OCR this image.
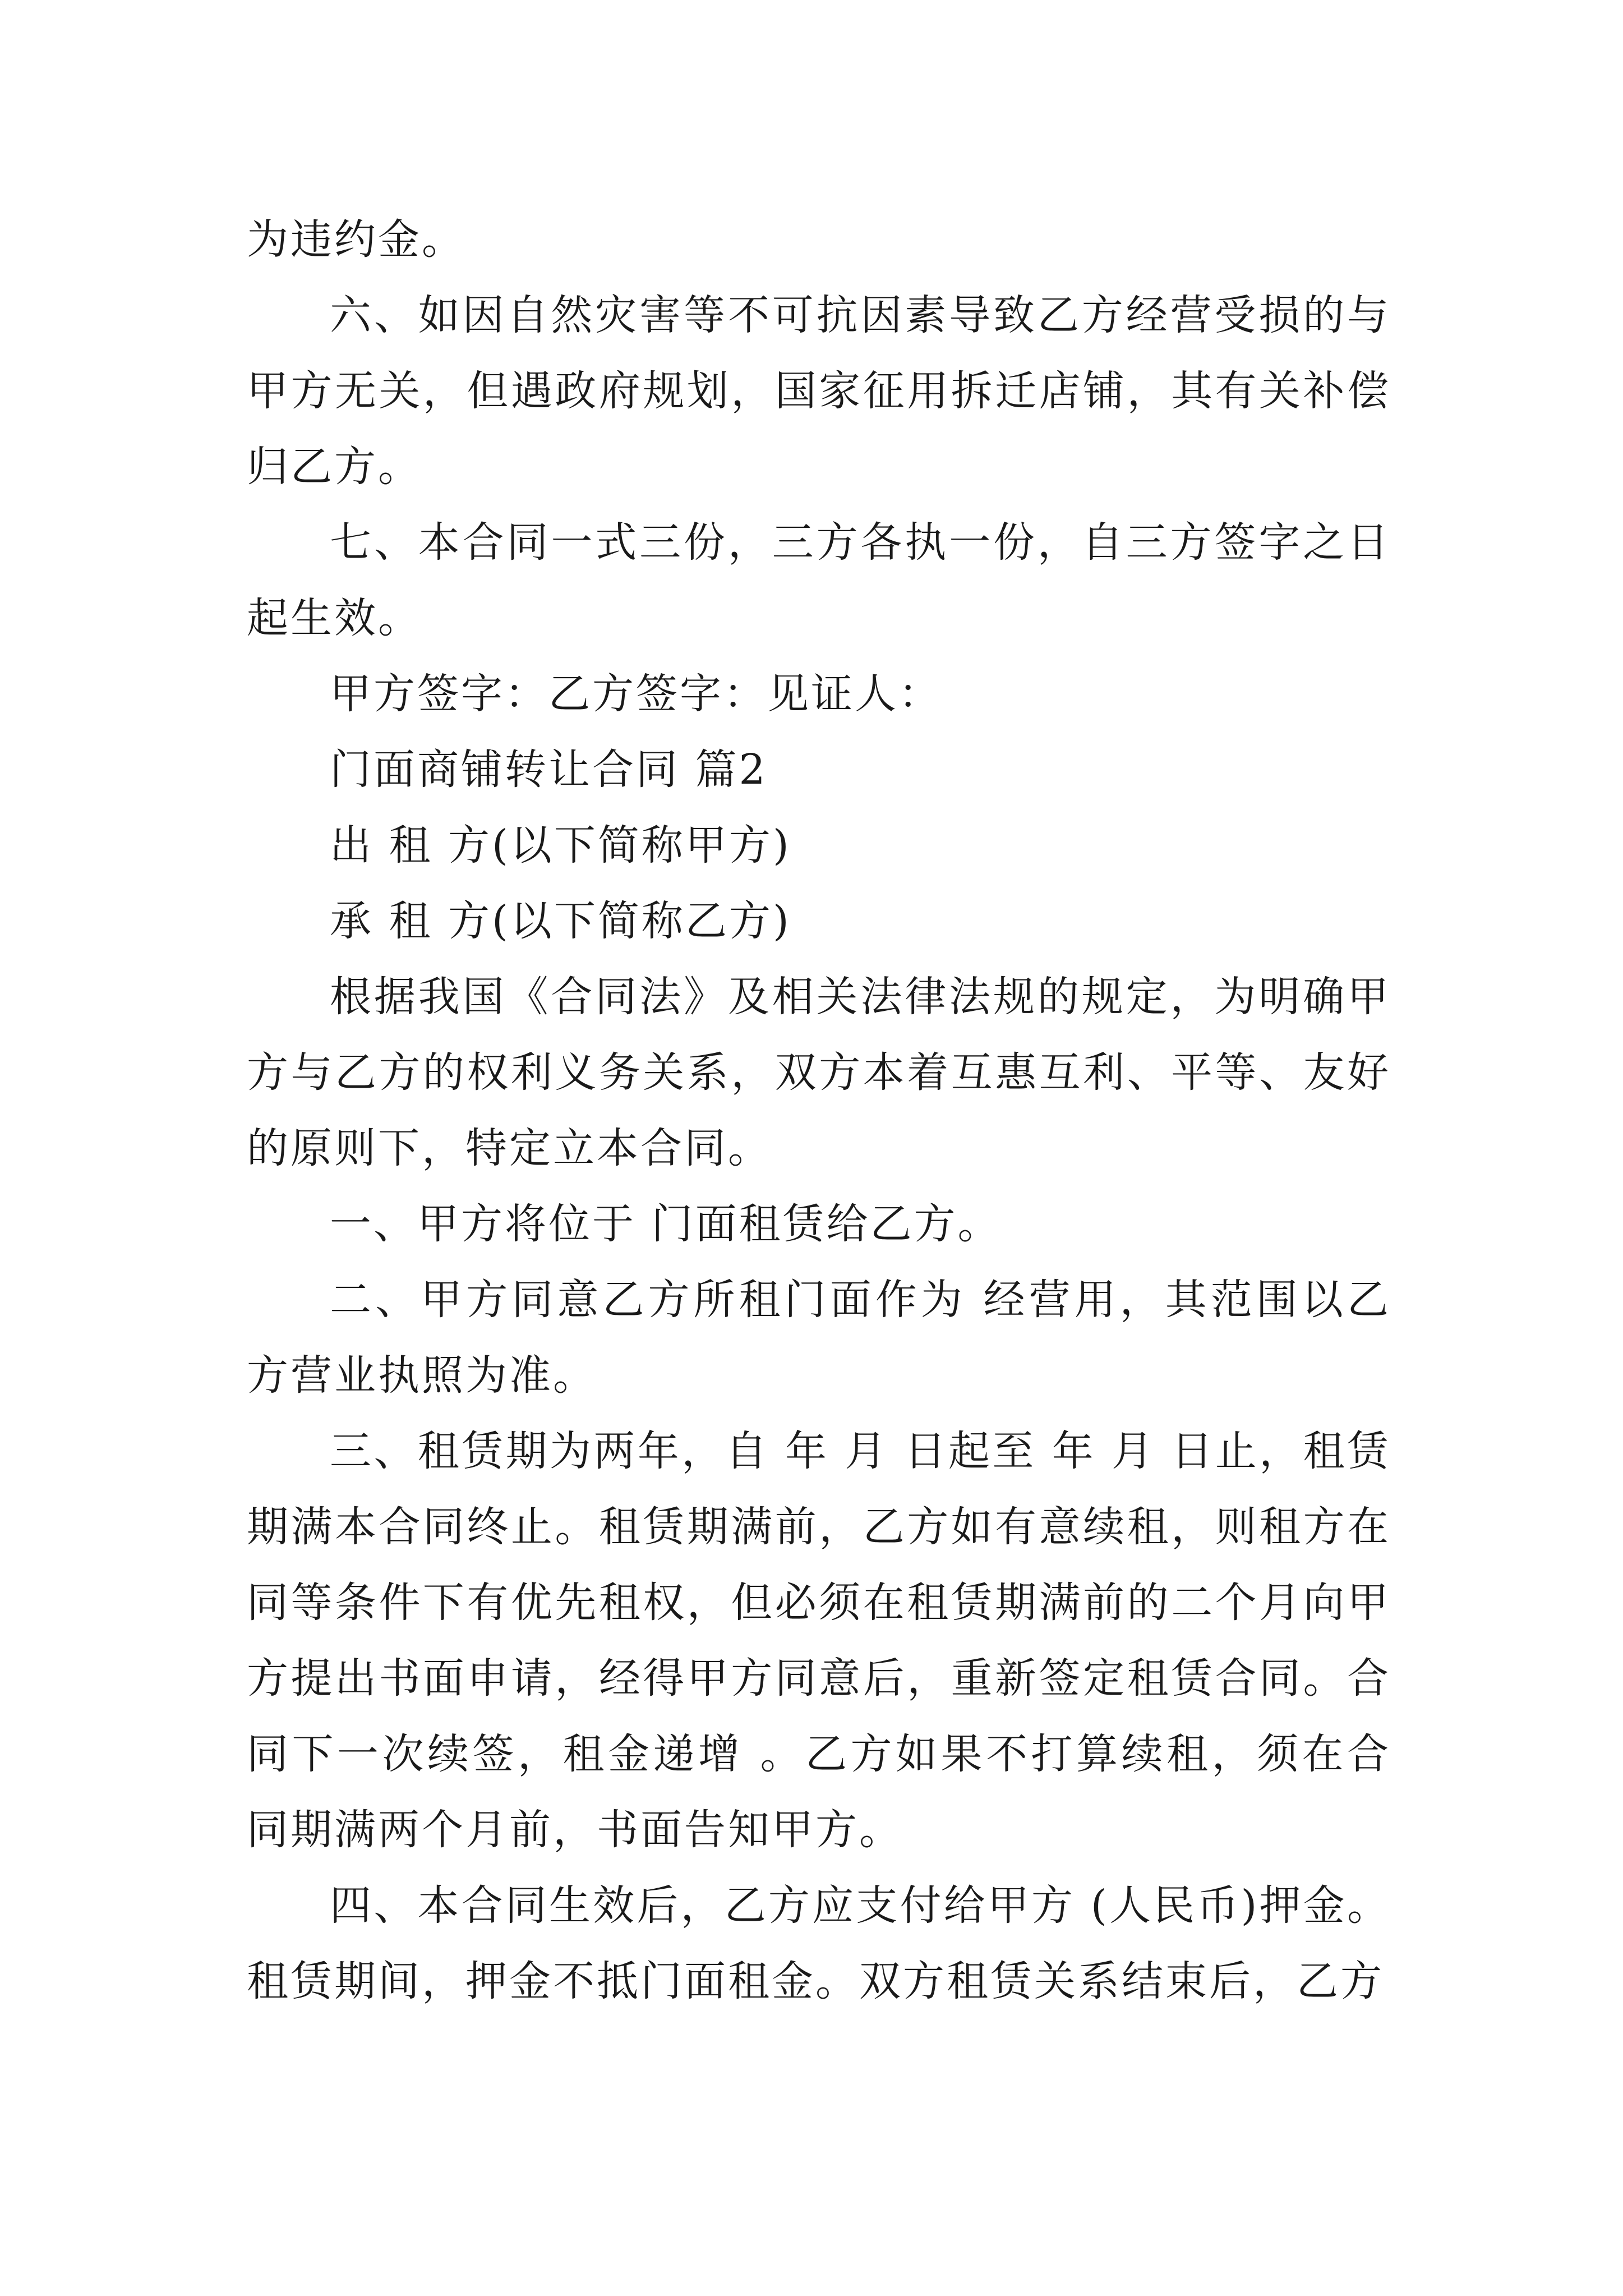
为违约金。

六、如因自然灾害等不可抗因素导致乙方经营受损的与甲方无关，但遇政府规划，国家征用拆迁店铺，其有关补偿归乙方。

七、本合同一式三份，三方各执一份，自三方签字之日起生效。

甲方签字：乙方签字：见证人：

门面商铺转让合同 篇2

出 租 方(以下简称甲方)

承 租 方(以下简称乙方)

根据我国《合同法》及相关法律法规的规定，为明确甲方与乙方的权利义务关系，双方本着互惠互利、平等、友好的原则下，特定立本合同。

一、甲方将位于 门面租赁给乙方。

二、甲方同意乙方所租门面作为 经营用，其范围以乙方营业执照为准。

三、租赁期为两年，自 年 月 日起至 年 月 日止，租赁期满本合同终止。租赁期满前，乙方如有意续租，则租方在同等条件下有优先租权，但必须在租赁期满前的二个月向甲方提出书面申请，经得甲方同意后，重新签定租赁合同。合同下一次续签，租金递增 。乙方如果不打算续租，须在合同期满两个月前，书面告知甲方。

四、本合同生效后，乙方应支付给甲方 (人民币)押金。租赁期间，押金不抵门面租金。双方租赁关系结束后，乙方
